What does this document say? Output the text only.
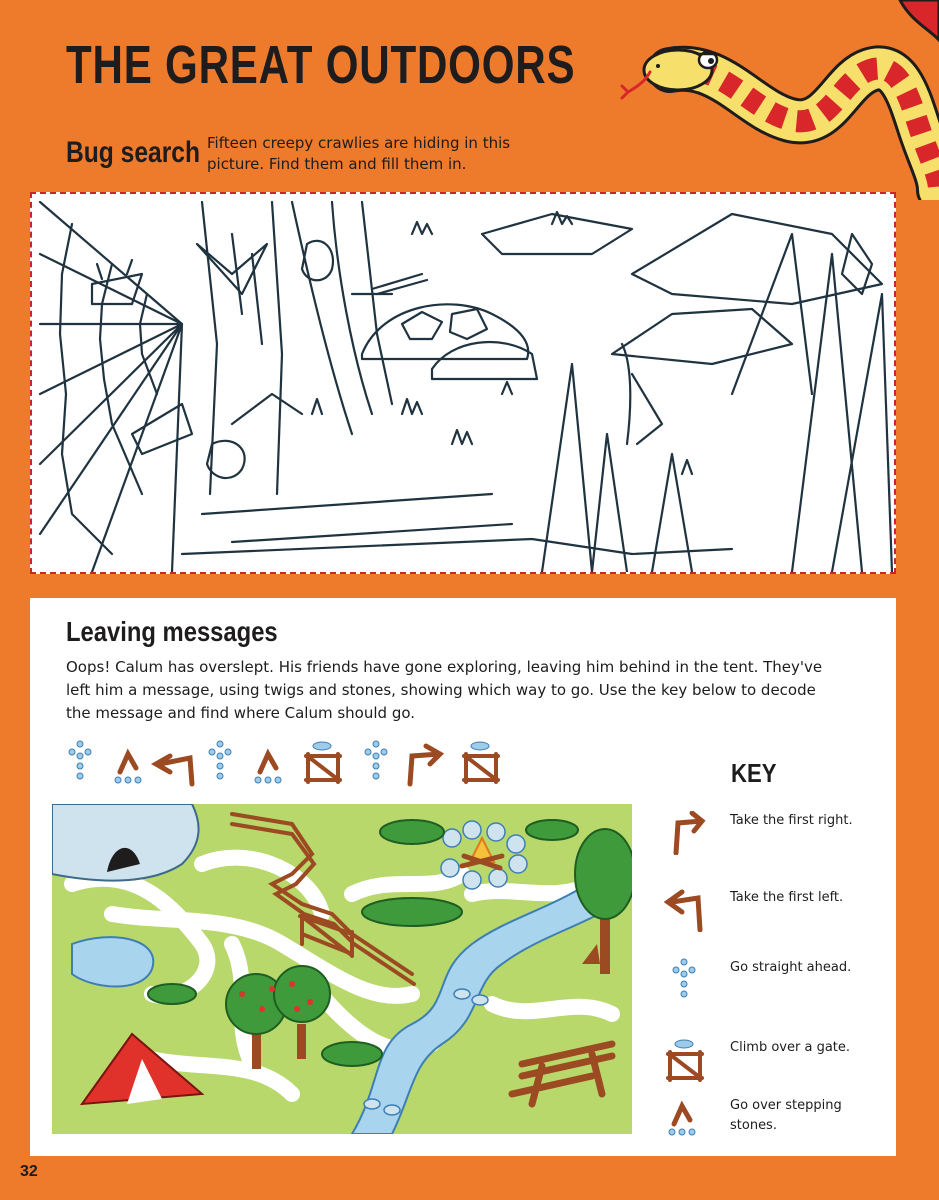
THE GREAT OUTDOORS
Bug search Fifteen creepy crawlies are hiding in this picture. Find them and fill them in.

Leaving messages

Oops! Calum has overslept. His friends have gone exploring, leaving him behind in the tent. They've left him a message, using twigs and stones, showing which way to go. Use the key below to decode the message and find where Calum should go.

KEY
Take the first right.
Take the first left.
Go straight ahead.
Climb over a gate.
Go over stepping stones.
32
